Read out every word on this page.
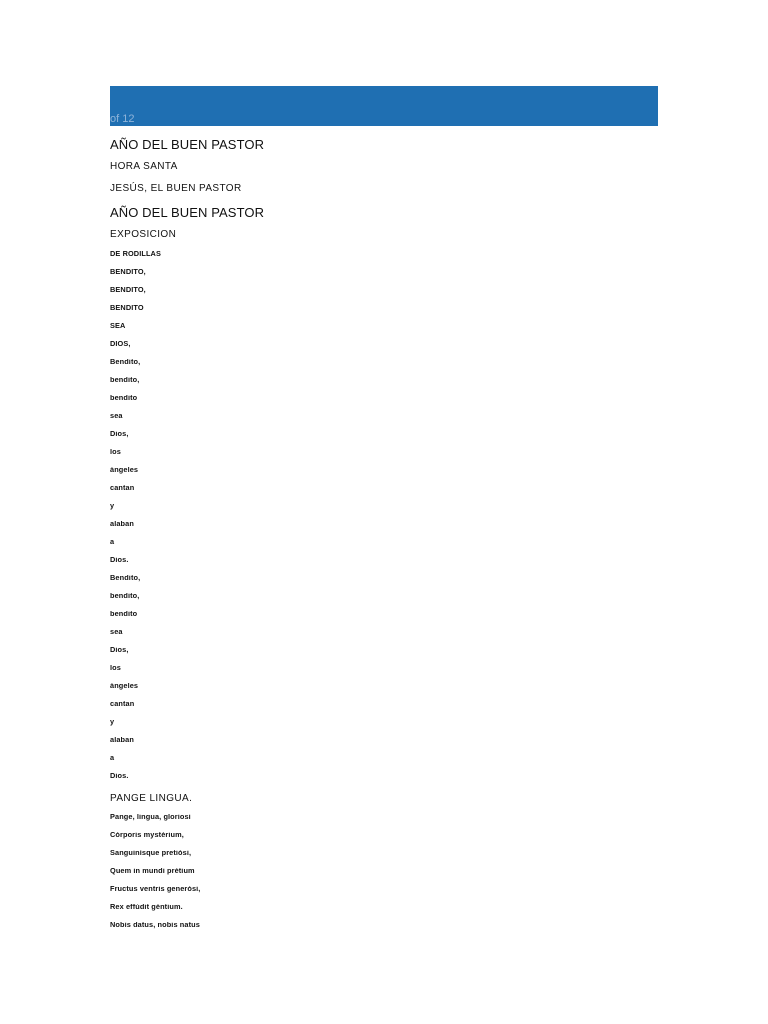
of 12
AÑO DEL BUEN PASTOR
HORA SANTA
JESÚS, EL BUEN PASTOR
AÑO DEL BUEN PASTOR
EXPOSICION
DE RODILLAS
BENDITO,
BENDITO,
BENDITO
SEA
DIOS,
Bendito,
bendito,
bendito
sea
Dios,
los
ángeles
cantan
y
alaban
a
Dios.
Bendito,
bendito,
bendito
sea
Dios,
los
ángeles
cantan
y
alaban
a
Dios.
PANGE LINGUA.
Pange, lingua, gloriosi
Córporis mystérium,
Sanguinísque pretiósi,
Quem in mundi prétium
Fructus ventris generósi,
Rex effúdit géntium.
Nobis datus, nobis natus
